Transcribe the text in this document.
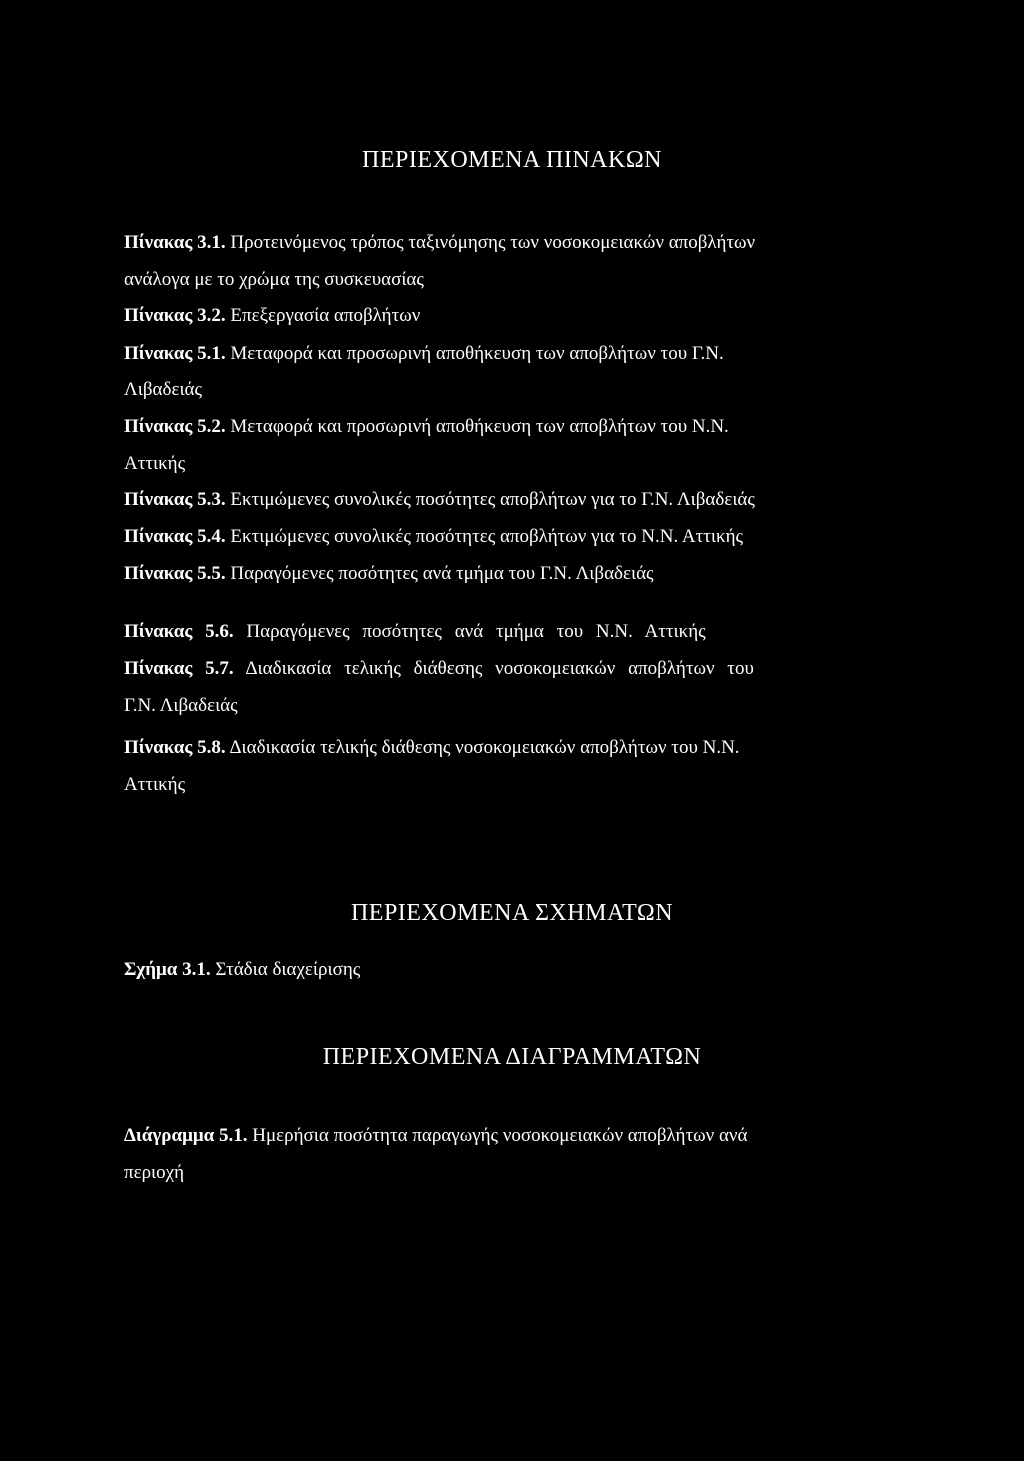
ΠΕΡΙΕΧΟΜΕΝΑ ΠΙΝΑΚΩΝ
Πίνακας 3.1. Προτεινόμενος τρόπος ταξινόμησης των νοσοκομειακών αποβλήτων
ανάλογα με το χρώμα της συσκευασίας
Πίνακας 3.2. Επεξεργασία αποβλήτων
Πίνακας 5.1. Μεταφορά και προσωρινή αποθήκευση των αποβλήτων του Γ.Ν.
Λιβαδειάς
Πίνακας 5.2. Μεταφορά και προσωρινή αποθήκευση των αποβλήτων του Ν.Ν.
Αττικής
Πίνακας 5.3. Εκτιμώμενες συνολικές ποσότητες αποβλήτων για το Γ.Ν. Λιβαδειάς
Πίνακας 5.4. Εκτιμώμενες συνολικές ποσότητες αποβλήτων για το Ν.Ν. Αττικής
Πίνακας 5.5. Παραγόμενες ποσότητες ανά τμήμα του Γ.Ν. Λιβαδειάς
Πίνακας 5.6. Παραγόμενες ποσότητες ανά τμήμα του Ν.Ν. Αττικής
Πίνακας 5.7. Διαδικασία τελικής διάθεσης νοσοκομειακών αποβλήτων του
Γ.Ν. Λιβαδειάς
Πίνακας 5.8. Διαδικασία τελικής διάθεσης νοσοκομειακών αποβλήτων του Ν.Ν.
Αττικής
ΠΕΡΙΕΧΟΜΕΝΑ ΣΧΗΜΑΤΩΝ
Σχήμα 3.1. Στάδια διαχείρισης
ΠΕΡΙΕΧΟΜΕΝΑ ΔΙΑΓΡΑΜΜΑΤΩΝ
Διάγραμμα 5.1. Ημερήσια ποσότητα παραγωγής νοσοκομειακών αποβλήτων ανά
περιοχή
